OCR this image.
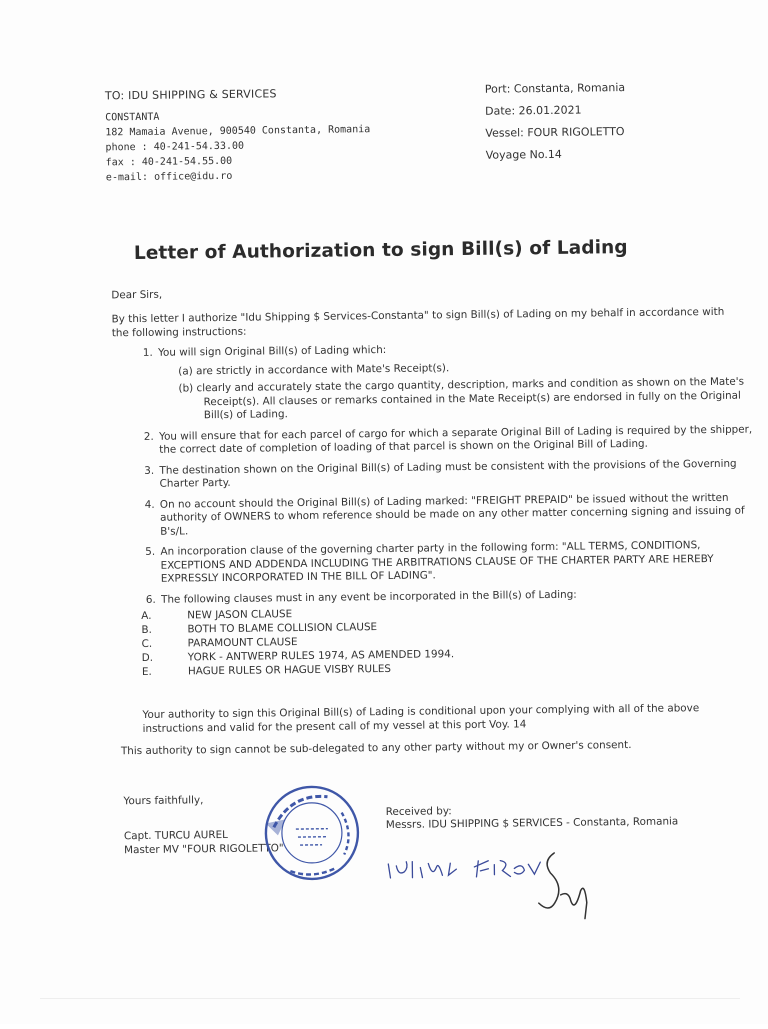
TO: IDU SHIPPING & SERVICES
CONSTANTA
182 Mamaia Avenue, 900540 Constanta, Romania
phone : 40-241-54.33.00
fax : 40-241-54.55.00
e-mail: office@idu.ro
Port: Constanta, Romania
Date: 26.01.2021
Vessel: FOUR RIGOLETTO
Voyage No.14
Letter of Authorization to sign Bill(s) of Lading
Dear Sirs,
By this letter I authorize "Idu Shipping $ Services-Constanta" to sign Bill(s) of Lading on my behalf in accordance with the following instructions:
1. You will sign Original Bill(s) of Lading which:
(a) are strictly in accordance with Mate's Receipt(s).
(b) clearly and accurately state the cargo quantity, description, marks and condition as shown on the Mate's Receipt(s). All clauses or remarks contained in the Mate Receipt(s) are endorsed in fully on the Original Bill(s) of Lading.
2. You will ensure that for each parcel of cargo for which a separate Original Bill of Lading is required by the shipper, the correct date of completion of loading of that parcel is shown on the Original Bill of Lading.
3. The destination shown on the Original Bill(s) of Lading must be consistent with the provisions of the Governing Charter Party.
4. On no account should the Original Bill(s) of Lading marked: "FREIGHT PREPAID" be issued without the written authority of OWNERS to whom reference should be made on any other matter concerning signing and issuing of B's/L.
5. An incorporation clause of the governing charter party in the following form: "ALL TERMS, CONDITIONS, EXCEPTIONS AND ADDENDA INCLUDING THE ARBITRATIONS CLAUSE OF THE CHARTER PARTY ARE HEREBY EXPRESSLY INCORPORATED IN THE BILL OF LADING".
6. The following clauses must in any event be incorporated in the Bill(s) of Lading:
A.	NEW JASON CLAUSE
B.	BOTH TO BLAME COLLISION CLAUSE
C.	PARAMOUNT CLAUSE
D.	YORK - ANTWERP RULES 1974, AS AMENDED 1994.
E.	HAGUE RULES OR HAGUE VISBY RULES
Your authority to sign this Original Bill(s) of Lading is conditional upon your complying with all of the above instructions and valid for the present call of my vessel at this port Voy. 14
This authority to sign cannot be sub-delegated to any other party without my or Owner's consent.
Yours faithfully,
Capt. TURCU AUREL
Master MV "FOUR RIGOLETTO"
Received by:
Messrs. IDU SHIPPING $ SERVICES - Constanta, Romania
